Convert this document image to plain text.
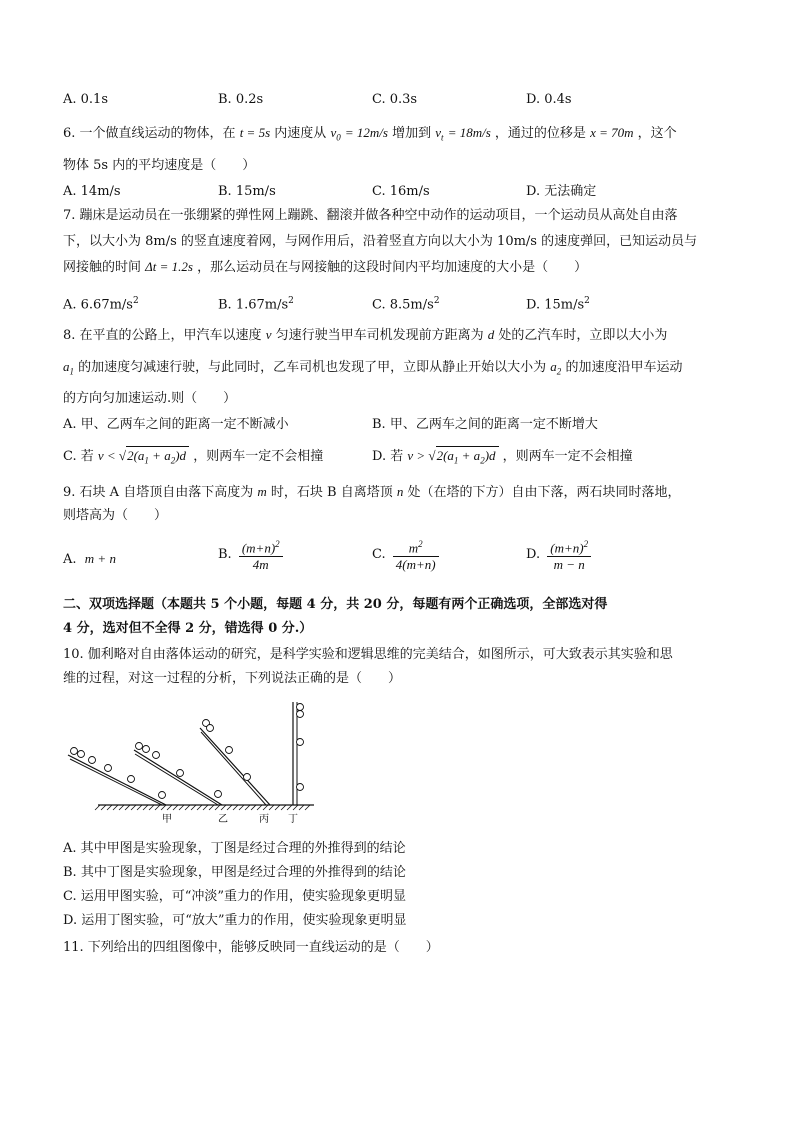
A. 0.1s	B. 0.2s	C. 0.3s	D. 0.4s
6. 一个做直线运动的物体，在 t = 5s 内速度从 $v_0 = 12m/s$ 增加到 $v_t = 18m/s$ ，通过的位移是 x = 70m ，这个
物体 5s 内的平均速度是（　　）
A. 14m/s	B. 15m/s	C. 16m/s	D. 无法确定
7. 蹦床是运动员在一张绷紧的弹性网上蹦跳、翻滚并做各种空中动作的运动项目，一个运动员从高处自由落
下，以大小为 8m/s 的竖直速度着网，与网作用后，沿着竖直方向以大小为 10m/s 的速度弹回，已知运动员与
网接触的时间 Δt = 1.2s ，那么运动员在与网接触的这段时间内平均加速度的大小是（　　）
A. $6.67m/s^2$	B. $1.67m/s^2$	C. $8.5m/s^2$	D. $15m/s^2$
8. 在平直的公路上，甲汽车以速度 v 匀速行驶当甲车司机发现前方距离为 d 处的乙汽车时，立即以大小为
$a_1$ 的加速度匀减速行驶，与此同时，乙车司机也发现了甲，立即从静止开始以大小为 $a_2$ 的加速度沿甲车运动
的方向匀加速运动.则（　　）
A. 甲、乙两车之间的距离一定不断减小	B. 甲、乙两车之间的距离一定不断增大
C. 若 $v < √2(a_1 + a_2)d$ ，则两车一定不会相撞	D. 若 $v > √2(a_1 + a_2)d$ ，则两车一定不会相撞
9. 石块 A 自塔顶自由落下高度为 m 时，石块 B 自离塔顶 n 处（在塔的下方）自由下落，两石块同时落地，
则塔高为（　　）
A. m + n	B. $\frac{(m+n)^2}{4m}$	C. $\frac{m^2}{4(m+n)}$	D. $\frac{(m+n)^2}{m - n}$
二、双项选择题（本题共 5 个小题，每题 4 分，共 20 分，每题有两个正确选项，全部选对得
4 分，选对但不全得 2 分，错选得 0 分.）
10. 伽利略对自由落体运动的研究，是科学实验和逻辑思维的完美结合，如图所示，可大致表示其实验和思
维的过程，对这一过程的分析，下列说法正确的是（　　）
甲	乙	丙 丁
A. 其中甲图是实验现象，丁图是经过合理的外推得到的结论
B. 其中丁图是实验现象，甲图是经过合理的外推得到的结论
C. 运用甲图实验，可“冲淡”重力的作用，使实验现象更明显
D. 运用丁图实验，可“放大”重力的作用，使实验现象更明显
11. 下列给出的四组图像中，能够反映同一直线运动的是（　　）
